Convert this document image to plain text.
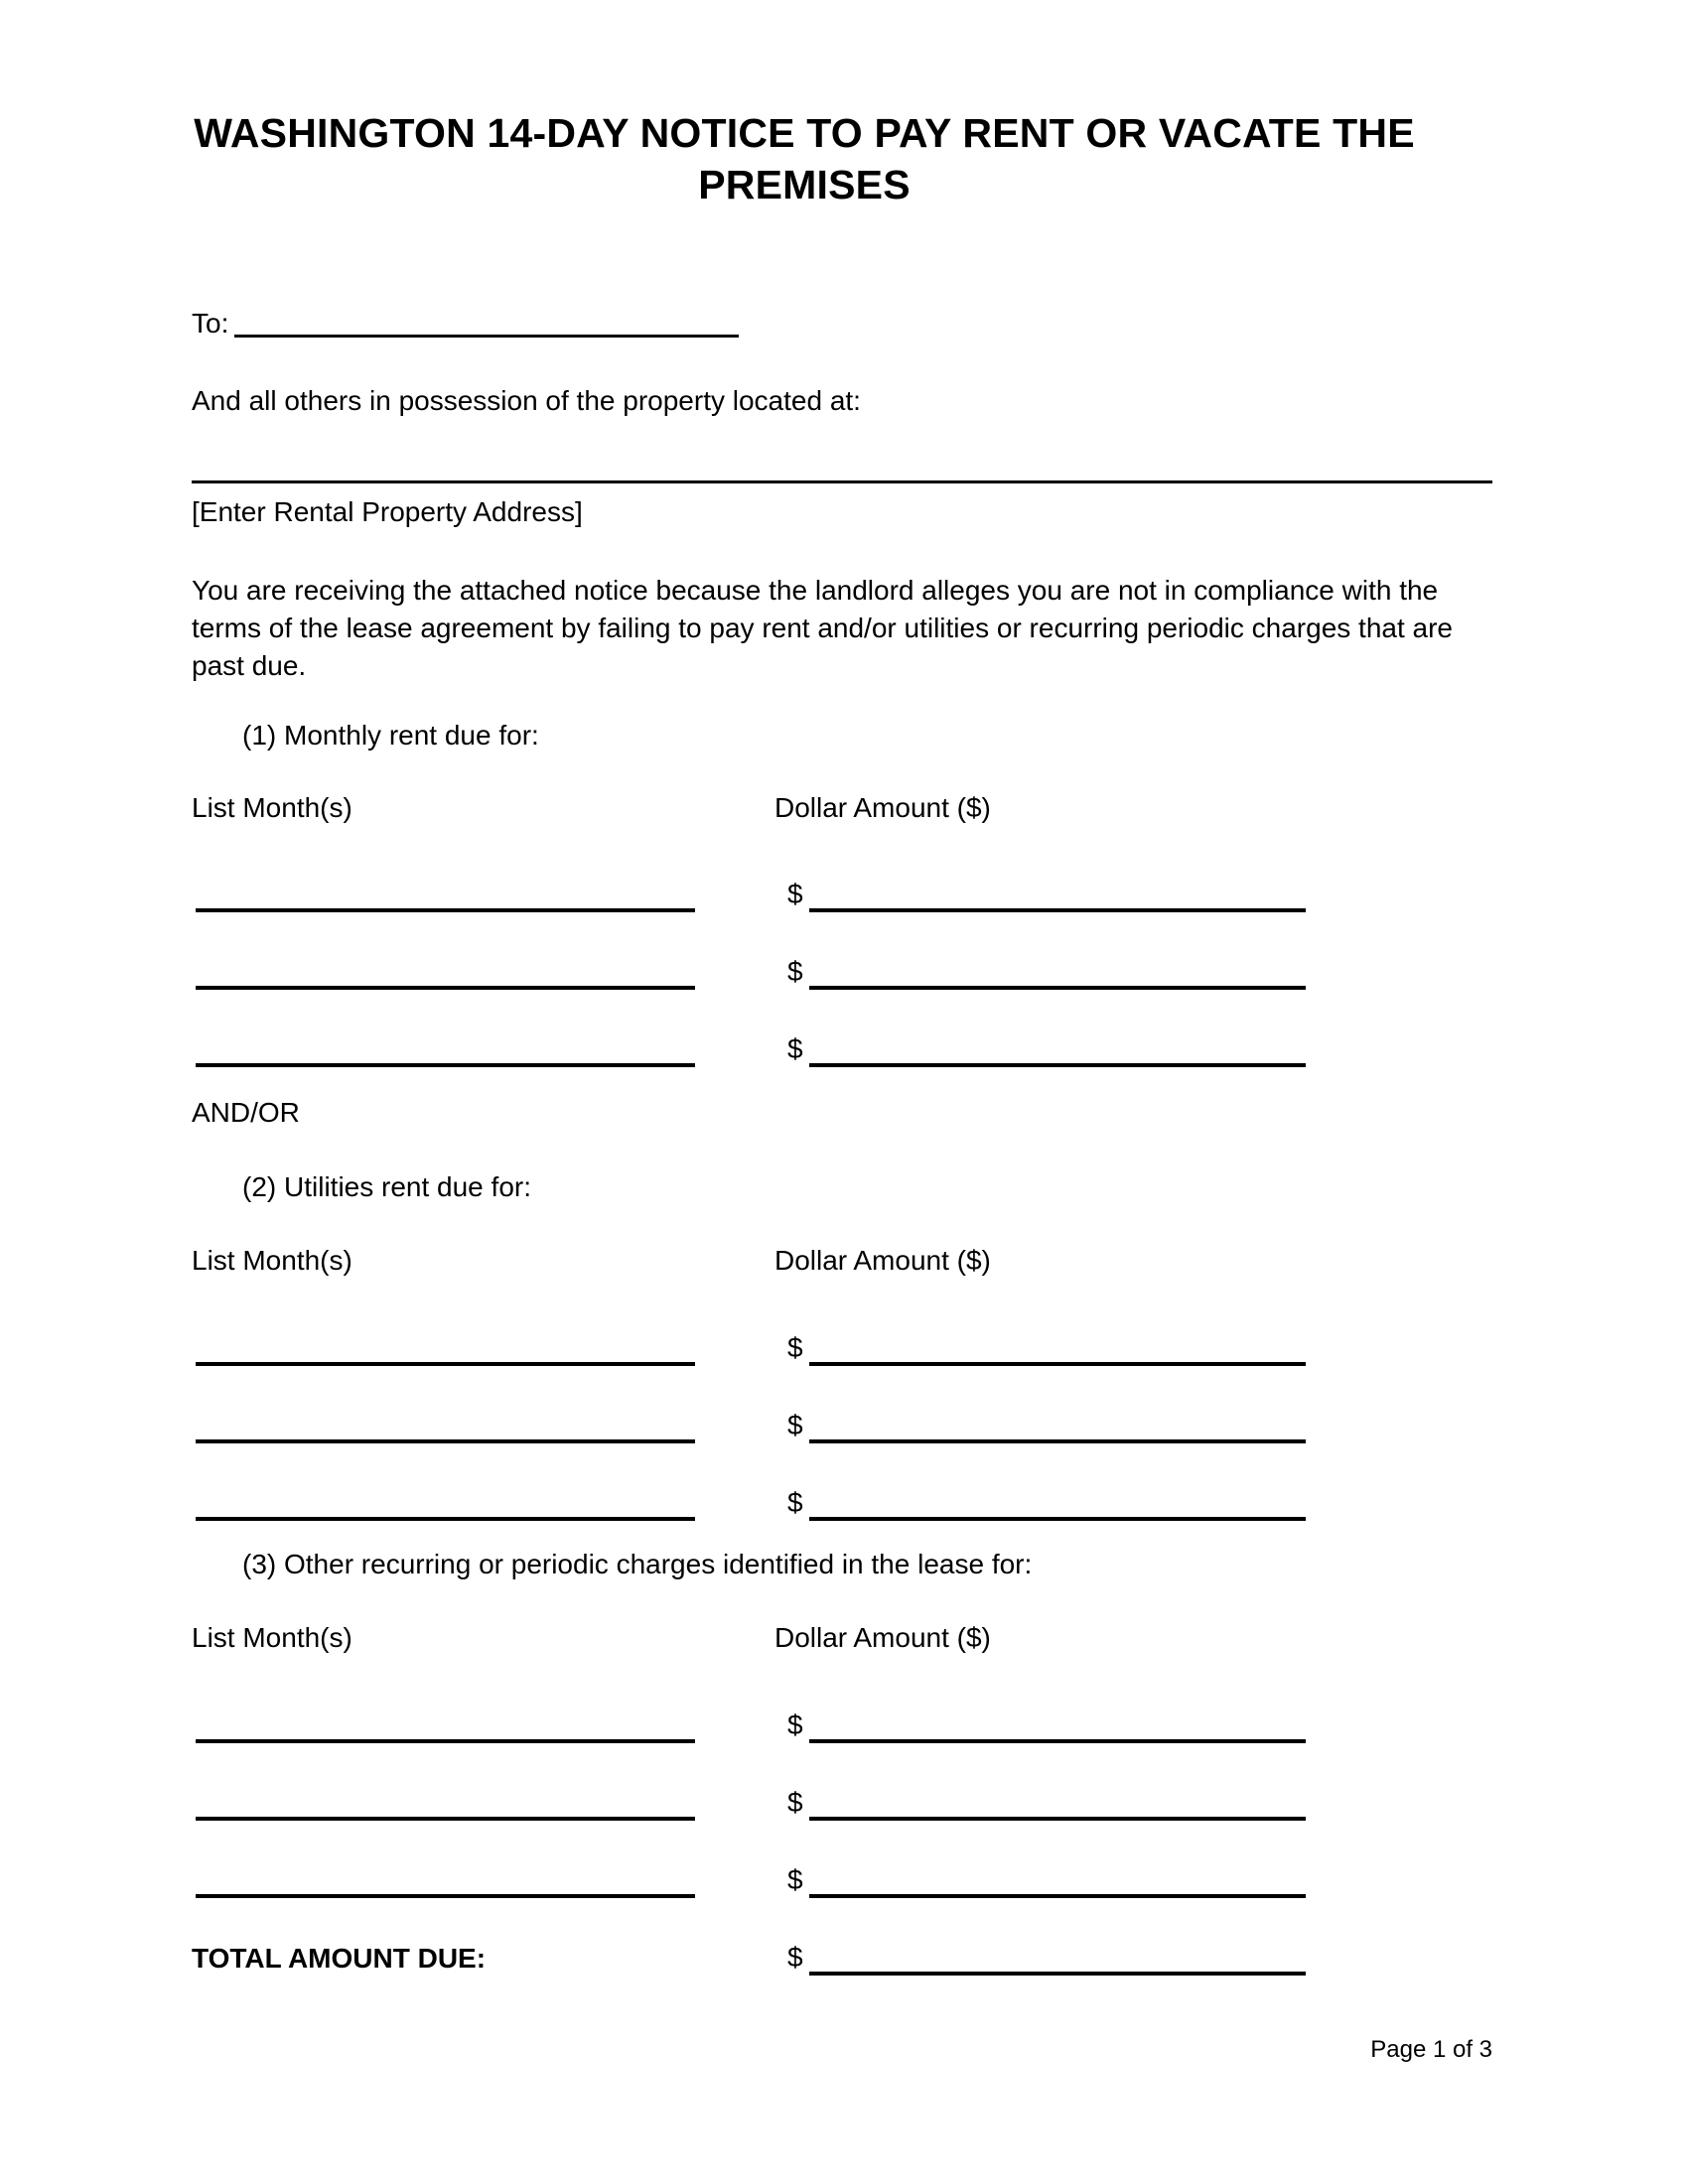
WASHINGTON 14-DAY NOTICE TO PAY RENT OR VACATE THE PREMISES
To:
And all others in possession of the property located at:
[Enter Rental Property Address]
You are receiving the attached notice because the landlord alleges you are not in compliance with the terms of the lease agreement by failing to pay rent and/or utilities or recurring periodic charges that are past due.
(1) Monthly rent due for:
List Month(s)	Dollar Amount ($)
$
$
$
AND/OR
(2) Utilities rent due for:
List Month(s)	Dollar Amount ($)
$
$
$
(3) Other recurring or periodic charges identified in the lease for:
List Month(s)	Dollar Amount ($)
$
$
$
TOTAL AMOUNT DUE:	$
Page 1 of 3
